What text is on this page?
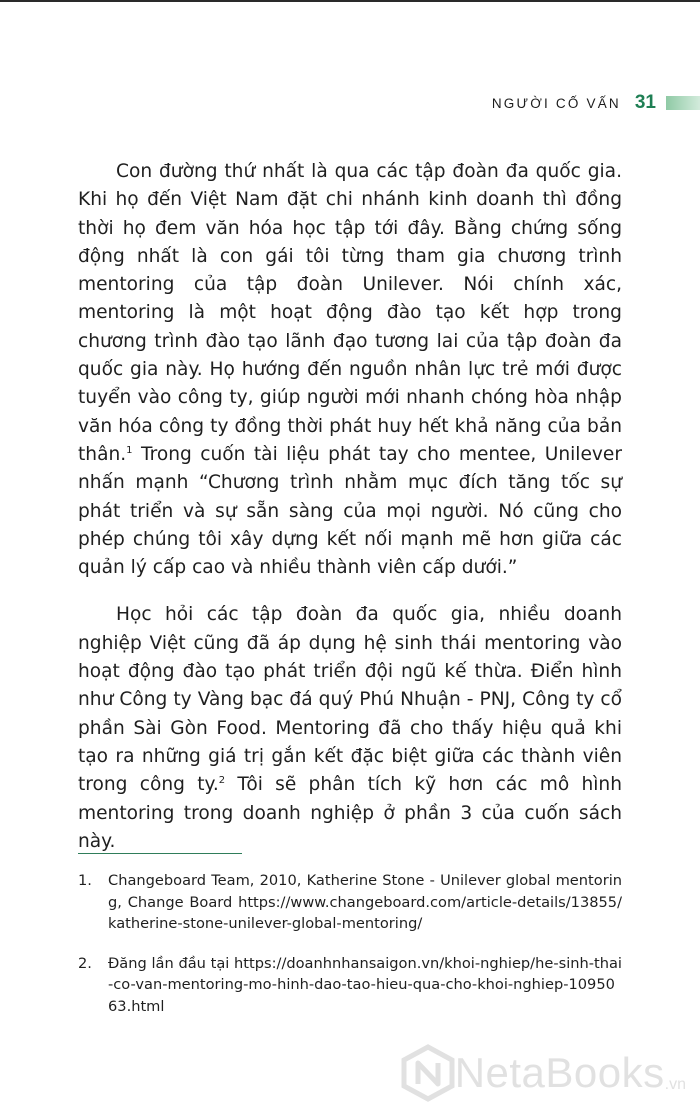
NGƯỜI CỐ VẤN 31

Con đường thứ nhất là qua các tập đoàn đa quốc gia. Khi họ đến Việt Nam đặt chi nhánh kinh doanh thì đồng thời họ đem văn hóa học tập tới đây. Bằng chứng sống động nhất là con gái tôi từng tham gia chương trình mentoring của tập đoàn Unilever. Nói chính xác, mentoring là một hoạt động đào tạo kết hợp trong chương trình đào tạo lãnh đạo tương lai của tập đoàn đa quốc gia này. Họ hướng đến nguồn nhân lực trẻ mới được tuyển vào công ty, giúp người mới nhanh chóng hòa nhập văn hóa công ty đồng thời phát huy hết khả năng của bản thân.$^1$ Trong cuốn tài liệu phát tay cho mentee, Unilever nhấn mạnh “Chương trình nhằm mục đích tăng tốc sự phát triển và sự sẵn sàng của mọi người. Nó cũng cho phép chúng tôi xây dựng kết nối mạnh mẽ hơn giữa các quản lý cấp cao và nhiều thành viên cấp dưới.”

Học hỏi các tập đoàn đa quốc gia, nhiều doanh nghiệp Việt cũng đã áp dụng hệ sinh thái mentoring vào hoạt động đào tạo phát triển đội ngũ kế thừa. Điển hình như Công ty Vàng bạc đá quý Phú Nhuận - PNJ, Công ty cổ phần Sài Gòn Food. Mentoring đã cho thấy hiệu quả khi tạo ra những giá trị gắn kết đặc biệt giữa các thành viên trong công ty.$^2$ Tôi sẽ phân tích kỹ hơn các mô hình mentoring trong doanh nghiệp ở phần 3 của cuốn sách này.

1.	Changeboard Team, 2010, Katherine Stone - Unilever global mentoring, Change Board https://www.changeboard.com/article-details/13855/katherine-stone-unilever-global-mentoring/
2.	Đăng lần đầu tại https://doanhnhansaigon.vn/khoi-nghiep/he-sinh-thai-co-van-mentoring-mo-hinh-dao-tao-hieu-qua-cho-khoi-nghiep-1095063.html
NetaBooks .vn
